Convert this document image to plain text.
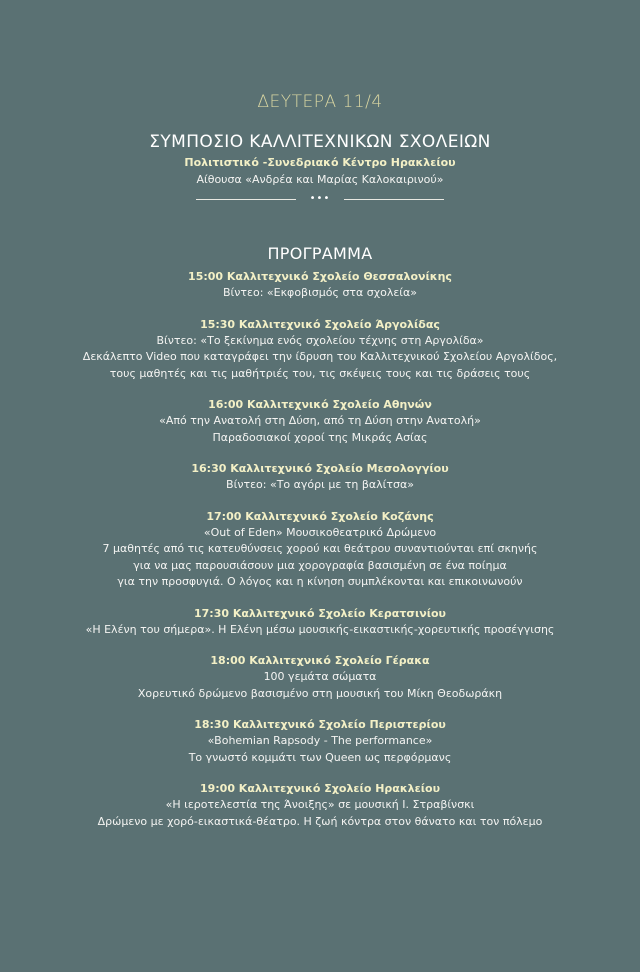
ΔΕΥΤΕΡΑ 11/4
ΣΥΜΠΟΣΙΟ ΚΑΛΛΙΤΕΧΝΙΚΩΝ ΣΧΟΛΕΙΩΝ
Πολιτιστικό -Συνεδριακό Κέντρο Ηρακλείου
Αίθουσα «Ανδρέα και Μαρίας Καλοκαιρινού»
•••
ΠΡΟΓΡΑΜΜΑ
15:00 Καλλιτεχνικό Σχολείο Θεσσαλονίκης
Βίντεο: «Εκφοβισμός στα σχολεία»
15:30 Καλλιτεχνικό Σχολείο Άργολίδας
Βίντεο: «Το ξεκίνημα ενός σχολείου τέχνης στη Αργολίδα»
Δεκάλεπτο Video που καταγράφει την ίδρυση του Καλλιτεχνικού Σχολείου Αργολίδος,
τους μαθητές και τις μαθήτριές του, τις σκέψεις τους και τις δράσεις τους
16:00 Καλλιτεχνικό Σχολείο Αθηνών
«Από την Ανατολή στη Δύση, από τη Δύση στην Ανατολή»
Παραδοσιακοί χοροί της Μικράς Ασίας
16:30 Καλλιτεχνικό Σχολείο Μεσολογγίου
Βίντεο: «Το αγόρι με τη βαλίτσα»
17:00 Καλλιτεχνικό Σχολείο Κοζάνης
«Out of Eden» Μουσικοθεατρικό Δρώμενο
7 μαθητές από τις κατευθύνσεις χορού και θεάτρου συναντιούνται επί σκηνής
για να μας παρουσιάσουν μια χορογραφία βασισμένη σε ένα ποίημα
για την προσφυγιά. Ο λόγος και η κίνηση συμπλέκονται και επικοινωνούν
17:30 Καλλιτεχνικό Σχολείο Κερατσινίου
«Η Ελένη του σήμερα». Η Ελένη μέσω μουσικής-εικαστικής-χορευτικής προσέγγισης
18:00 Καλλιτεχνικό Σχολείο Γέρακα
100 γεμάτα σώματα
Χορευτικό δρώμενο βασισμένο στη μουσική του Μίκη Θεοδωράκη
18:30 Καλλιτεχνικό Σχολείο Περιστερίου
«Bohemian Rapsody - The performance»
Το γνωστό κομμάτι των Queen ως περφόρμανς
19:00 Καλλιτεχνικό Σχολείο Ηρακλείου
«Η ιεροτελεστία της Άνοιξης» σε μουσική Ι. Στραβίνσκι
Δρώμενο με χορό-εικαστικά-θέατρο. Η ζωή κόντρα στον θάνατο και τον πόλεμο
